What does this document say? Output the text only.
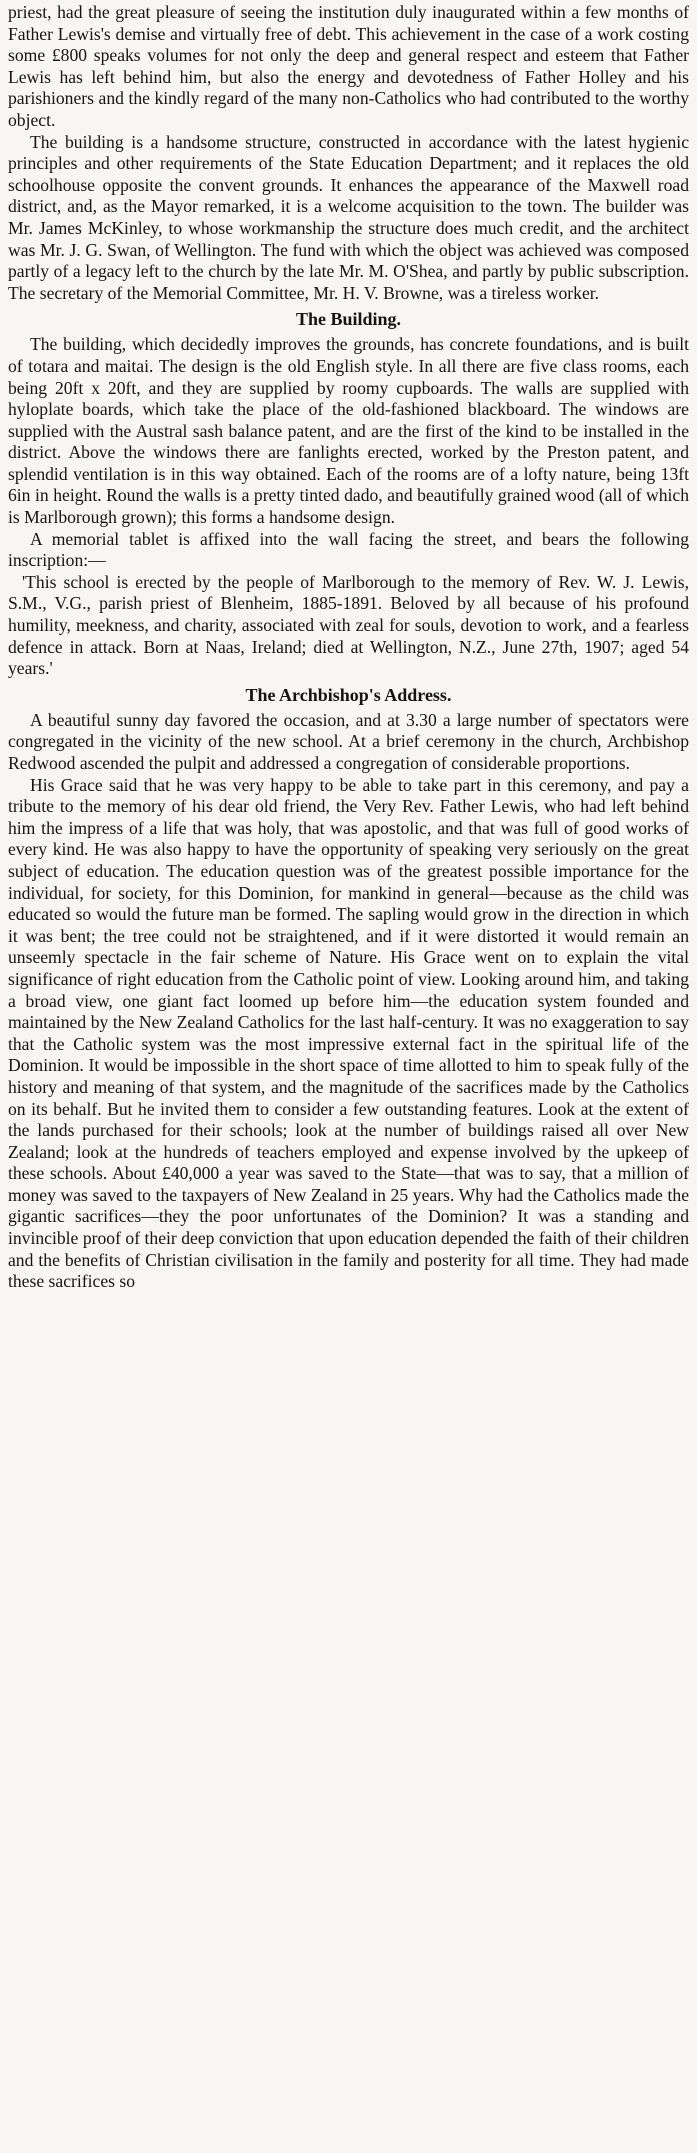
priest, had the great pleasure of seeing the institution duly inaugurated within a few months of Father Lewis's demise and virtually free of debt. This achievement in the case of a work costing some £800 speaks volumes for not only the deep and general respect and esteem that Father Lewis has left behind him, but also the energy and devotedness of Father Holley and his parishioners and the kindly regard of the many non-Catholics who had contributed to the worthy object.

The building is a handsome structure, constructed in accordance with the latest hygienic principles and other requirements of the State Education Department; and it replaces the old schoolhouse opposite the convent grounds. It enhances the appearance of the Maxwell road district, and, as the Mayor remarked, it is a welcome acquisition to the town. The builder was Mr. James McKinley, to whose workmanship the structure does much credit, and the architect was Mr. J. G. Swan, of Wellington. The fund with which the object was achieved was composed partly of a legacy left to the church by the late Mr. M. O'Shea, and partly by public subscription. The secretary of the Memorial Committee, Mr. H. V. Browne, was a tireless worker.

The Building.

The building, which decidedly improves the grounds, has concrete foundations, and is built of totara and maitai. The design is the old English style. In all there are five class rooms, each being 20ft x 20ft, and they are supplied by roomy cupboards. The walls are supplied with hyloplate boards, which take the place of the old-fashioned blackboard. The windows are supplied with the Austral sash balance patent, and are the first of the kind to be installed in the district. Above the windows there are fanlights erected, worked by the Preston patent, and splendid ventilation is in this way obtained. Each of the rooms are of a lofty nature, being 13ft 6in in height. Round the walls is a pretty tinted dado, and beautifully grained wood (all of which is Marlborough grown); this forms a handsome design.

A memorial tablet is affixed into the wall facing the street, and bears the following inscription:—

'This school is erected by the people of Marlborough to the memory of Rev. W. J. Lewis, S.M., V.G., parish priest of Blenheim, 1885-1891. Beloved by all because of his profound humility, meekness, and charity, associated with zeal for souls, devotion to work, and a fearless defence in attack. Born at Naas, Ireland; died at Wellington, N.Z., June 27th, 1907; aged 54 years.'

The Archbishop's Address.

A beautiful sunny day favored the occasion, and at 3.30 a large number of spectators were congregated in the vicinity of the new school. At a brief ceremony in the church, Archbishop Redwood ascended the pulpit and addressed a congregation of considerable proportions.

His Grace said that he was very happy to be able to take part in this ceremony, and pay a tribute to the memory of his dear old friend, the Very Rev. Father Lewis, who had left behind him the impress of a life that was holy, that was apostolic, and that was full of good works of every kind. He was also happy to have the opportunity of speaking very seriously on the great subject of education. The education question was of the greatest possible importance for the individual, for society, for this Dominion, for mankind in general—because as the child was educated so would the future man be formed. The sapling would grow in the direction in which it was bent; the tree could not be straightened, and if it were distorted it would remain an unseemly spectacle in the fair scheme of Nature. His Grace went on to explain the vital significance of right education from the Catholic point of view. Looking around him, and taking a broad view, one giant fact loomed up before him—the education system founded and maintained by the New Zealand Catholics for the last half-century. It was no exaggeration to say that the Catholic system was the most impressive external fact in the spiritual life of the Dominion. It would be impossible in the short space of time allotted to him to speak fully of the history and meaning of that system, and the magnitude of the sacrifices made by the Catholics on its behalf. But he invited them to consider a few outstanding features. Look at the extent of the lands purchased for their schools; look at the number of buildings raised all over New Zealand; look at the hundreds of teachers employed and expense involved by the upkeep of these schools. About £40,000 a year was saved to the State—that was to say, that a million of money was saved to the taxpayers of New Zealand in 25 years. Why had the Catholics made the gigantic sacrifices—they the poor unfortunates of the Dominion? It was a standing and invincible proof of their deep conviction that upon education depended the faith of their children and the benefits of Christian civilisation in the family and posterity for all time. They had made these sacrifices so
